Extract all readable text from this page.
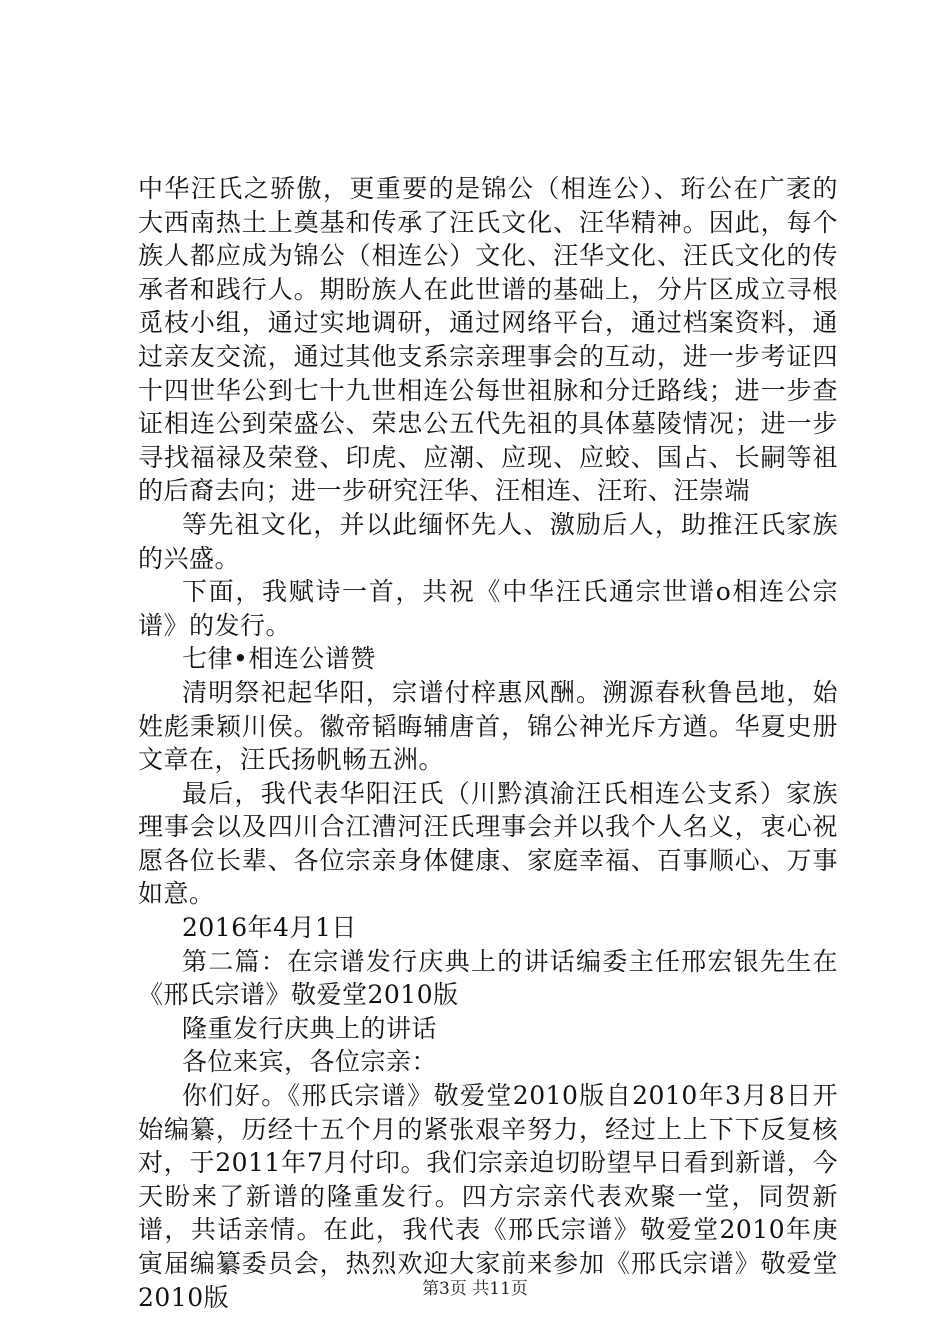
中华汪氏之骄傲，更重要的是锦公（相连公）、珩公在广袤的大西南热土上奠基和传承了汪氏文化、汪华精神。因此，每个族人都应成为锦公（相连公）文化、汪华文化、汪氏文化的传承者和践行人。期盼族人在此世谱的基础上，分片区成立寻根觅枝小组，通过实地调研，通过网络平台，通过档案资料，通过亲友交流，通过其他支系宗亲理事会的互动，进一步考证四十四世华公到七十九世相连公每世祖脉和分迁路线；进一步查证相连公到荣盛公、荣忠公五代先祖的具体墓陵情况；进一步寻找福禄及荣登、印虎、应潮、应现、应蛟、国占、长嗣等祖的后裔去向；进一步研究汪华、汪相连、汪珩、汪崇端

等先祖文化，并以此缅怀先人、激励后人，助推汪氏家族的兴盛。

下面，我赋诗一首，共祝《中华汪氏通宗世谱ο相连公宗谱》的发行。

七律•相连公谱赞

清明祭祀起华阳，宗谱付梓惠风酬。溯源春秋鲁邑地，始姓彪秉颖川侯。徽帝韬晦辅唐首，锦公神光斥方遒。华夏史册文章在，汪氏扬帆畅五洲。

最后，我代表华阳汪氏（川黔滇渝汪氏相连公支系）家族理事会以及四川合江漕河汪氏理事会并以我个人名义，衷心祝愿各位长辈、各位宗亲身体健康、家庭幸福、百事顺心、万事如意。

2016年4月1日

第二篇：在宗谱发行庆典上的讲话编委主任邢宏银先生在《邢氏宗谱》敬爱堂2010版

隆重发行庆典上的讲话

各位来宾，各位宗亲：

你们好。《邢氏宗谱》敬爱堂2010版自2010年3月8日开始编纂，历经十五个月的紧张艰辛努力，经过上上下下反复核对，于2011年7月付印。我们宗亲迫切盼望早日看到新谱，今天盼来了新谱的隆重发行。四方宗亲代表欢聚一堂，同贺新谱，共话亲情。在此，我代表《邢氏宗谱》敬爱堂2010年庚寅届编纂委员会，热烈欢迎大家前来参加《邢氏宗谱》敬爱堂2010版	第3页 共11页
